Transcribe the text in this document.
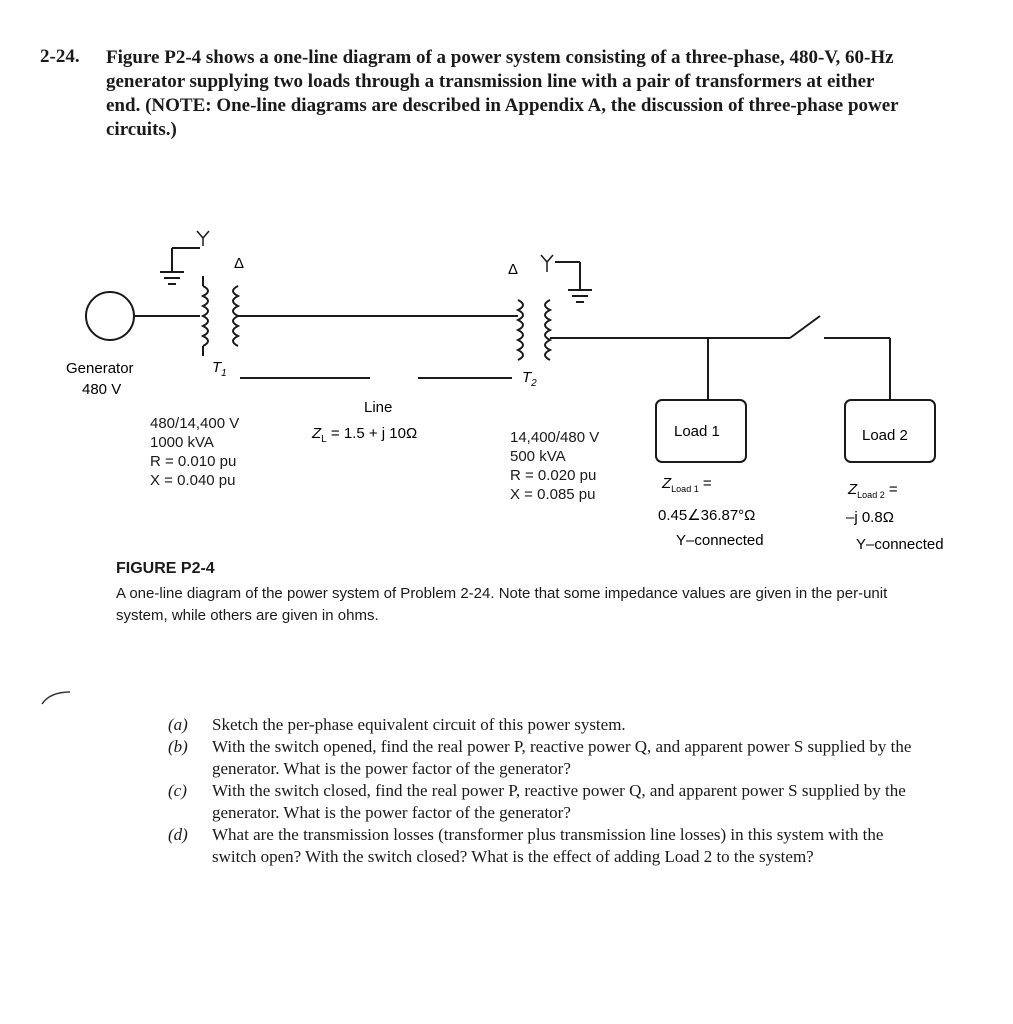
2-24. Figure P2-4 shows a one-line diagram of a power system consisting of a three-phase, 480-V, 60-Hz generator supplying two loads through a transmission line with a pair of transformers at either end. (NOTE: One-line diagrams are described in Appendix A, the discussion of three-phase power circuits.)
Δ	Δ
Generator
480 V
$T_1$	$T_2$
Line
$Z_L = 1.5 + j$ 10Ω	Load 1	Load 2
$Z_{Load 1}$ =
0.45∠36.87°Ω
Y–connected
$Z_{Load 2}$ =
–j 0.8Ω
Y–connected
480/14,400 V
1000 kVA
R = 0.010 pu
X = 0.040 pu
14,400/480 V
500 kVA
R = 0.020 pu
X = 0.085 pu
FIGURE P2-4
A one-line diagram of the power system of Problem 2-24. Note that some impedance values are given in the per-unit system, while others are given in ohms.
(a)	Sketch the per-phase equivalent circuit of this power system.
(b)	With the switch opened, find the real power P, reactive power Q, and apparent power S supplied by the generator. What is the power factor of the generator?
(c)	With the switch closed, find the real power P, reactive power Q, and apparent power S supplied by the generator. What is the power factor of the generator?
(d)	What are the transmission losses (transformer plus transmission line losses) in this system with the switch open? With the switch closed? What is the effect of adding Load 2 to the system?
